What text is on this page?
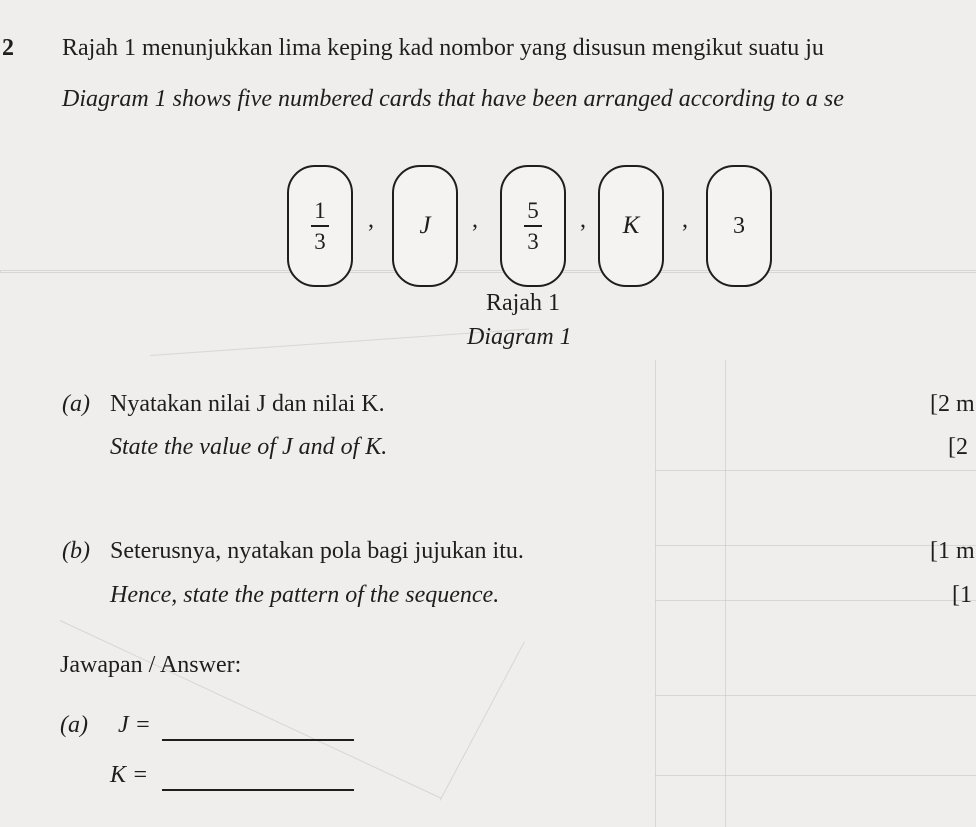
2 Rajah 1 menunjukkan lima keping kad nombor yang disusun mengikut suatu ju
Diagram 1 shows five numbered cards that have been arranged according to a se
$\frac{1}{3}$ , J , $\frac{5}{3}$ , K , 3
Rajah 1
Diagram 1
(a) Nyatakan nilai J dan nilai K.	[2 m
State the value of J and of K.	[2
(b) Seterusnya, nyatakan pola bagi jujukan itu.	[1 m
Hence, state the pattern of the sequence.	[1
Jawapan / Answer:
(a) J =
K =
